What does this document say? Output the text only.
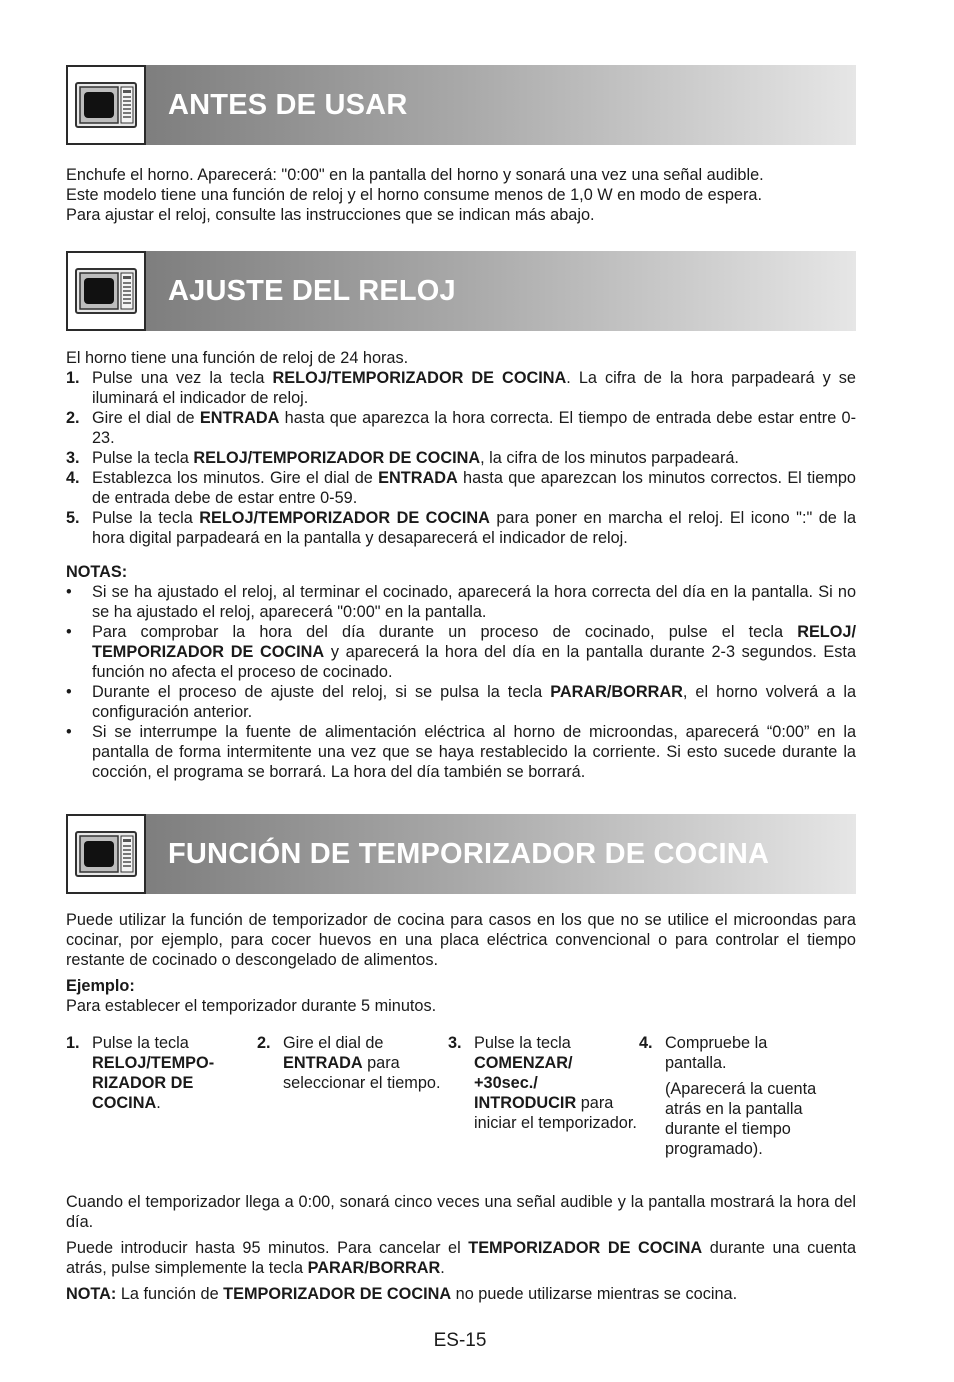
ANTES DE USAR

Enchufe el horno. Aparecerá: "0:00" en la pantalla del horno y sonará una vez una señal audible.

Este modelo tiene una función de reloj y el horno consume menos de 1,0 W en modo de espera.

Para ajustar el reloj, consulte las instrucciones que se indican más abajo.

AJUSTE DEL RELOJ

El horno tiene una función de reloj de 24 horas.

1. Pulse una vez la tecla RELOJ/TEMPORIZADOR DE COCINA. La cifra de la hora parpadeará y se iluminará el indicador de reloj.
2. Gire el dial de ENTRADA hasta que aparezca la hora correcta. El tiempo de entrada debe estar entre 0-23.
3. Pulse la tecla RELOJ/TEMPORIZADOR DE COCINA, la cifra de los minutos parpadeará.
4. Establezca los minutos. Gire el dial de ENTRADA hasta que aparezcan los minutos correctos. El tiempo de entrada debe de estar entre 0-59.
5. Pulse la tecla RELOJ/TEMPORIZADOR DE COCINA para poner en marcha el reloj. El icono ":" de la hora digital parpadeará en la pantalla y desaparecerá el indicador de reloj.

NOTAS:

• Si se ha ajustado el reloj, al terminar el cocinado, aparecerá la hora correcta del día en la pantalla. Si no se ha ajustado el reloj, aparecerá "0:00" en la pantalla.
• Para comprobar la hora del día durante un proceso de cocinado, pulse el tecla RELOJ/ TEMPORIZADOR DE COCINA y aparecerá la hora del día en la pantalla durante 2-3 segundos. Esta función no afecta el proceso de cocinado.
• Durante el proceso de ajuste del reloj, si se pulsa la tecla PARAR/BORRAR, el horno volverá a la configuración anterior.
• Si se interrumpe la fuente de alimentación eléctrica al horno de microondas, aparecerá “0:00” en la pantalla de forma intermitente una vez que se haya restablecido la corriente. Si esto sucede durante la cocción, el programa se borrará. La hora del día también se borrará.
FUNCIÓN DE TEMPORIZADOR DE COCINA

Puede utilizar la función de temporizador de cocina para casos en los que no se utilice el microondas para cocinar, por ejemplo, para cocer huevos en una placa eléctrica convencional o para controlar el tiempo restante de cocinado o descongelado de alimentos.

Ejemplo:

Para establecer el temporizador durante 5 minutos.

1. Pulse la tecla RELOJ/TEMPO-RIZADOR DE COCINA.

2. Gire el dial de ENTRADA para seleccionar el tiempo.

3. Pulse la tecla COMENZAR/ +30sec./ INTRODUCIR para iniciar el temporizador.

4. Compruebe la pantalla.

(Aparecerá la cuenta atrás en la pantalla durante el tiempo programado).

Cuando el temporizador llega a 0:00, sonará cinco veces una señal audible y la pantalla mostrará la hora del día.

Puede introducir hasta 95 minutos. Para cancelar el TEMPORIZADOR DE COCINA durante una cuenta atrás, pulse simplemente la tecla PARAR/BORRAR.

NOTA: La función de TEMPORIZADOR DE COCINA no puede utilizarse mientras se cocina.

ES-15
